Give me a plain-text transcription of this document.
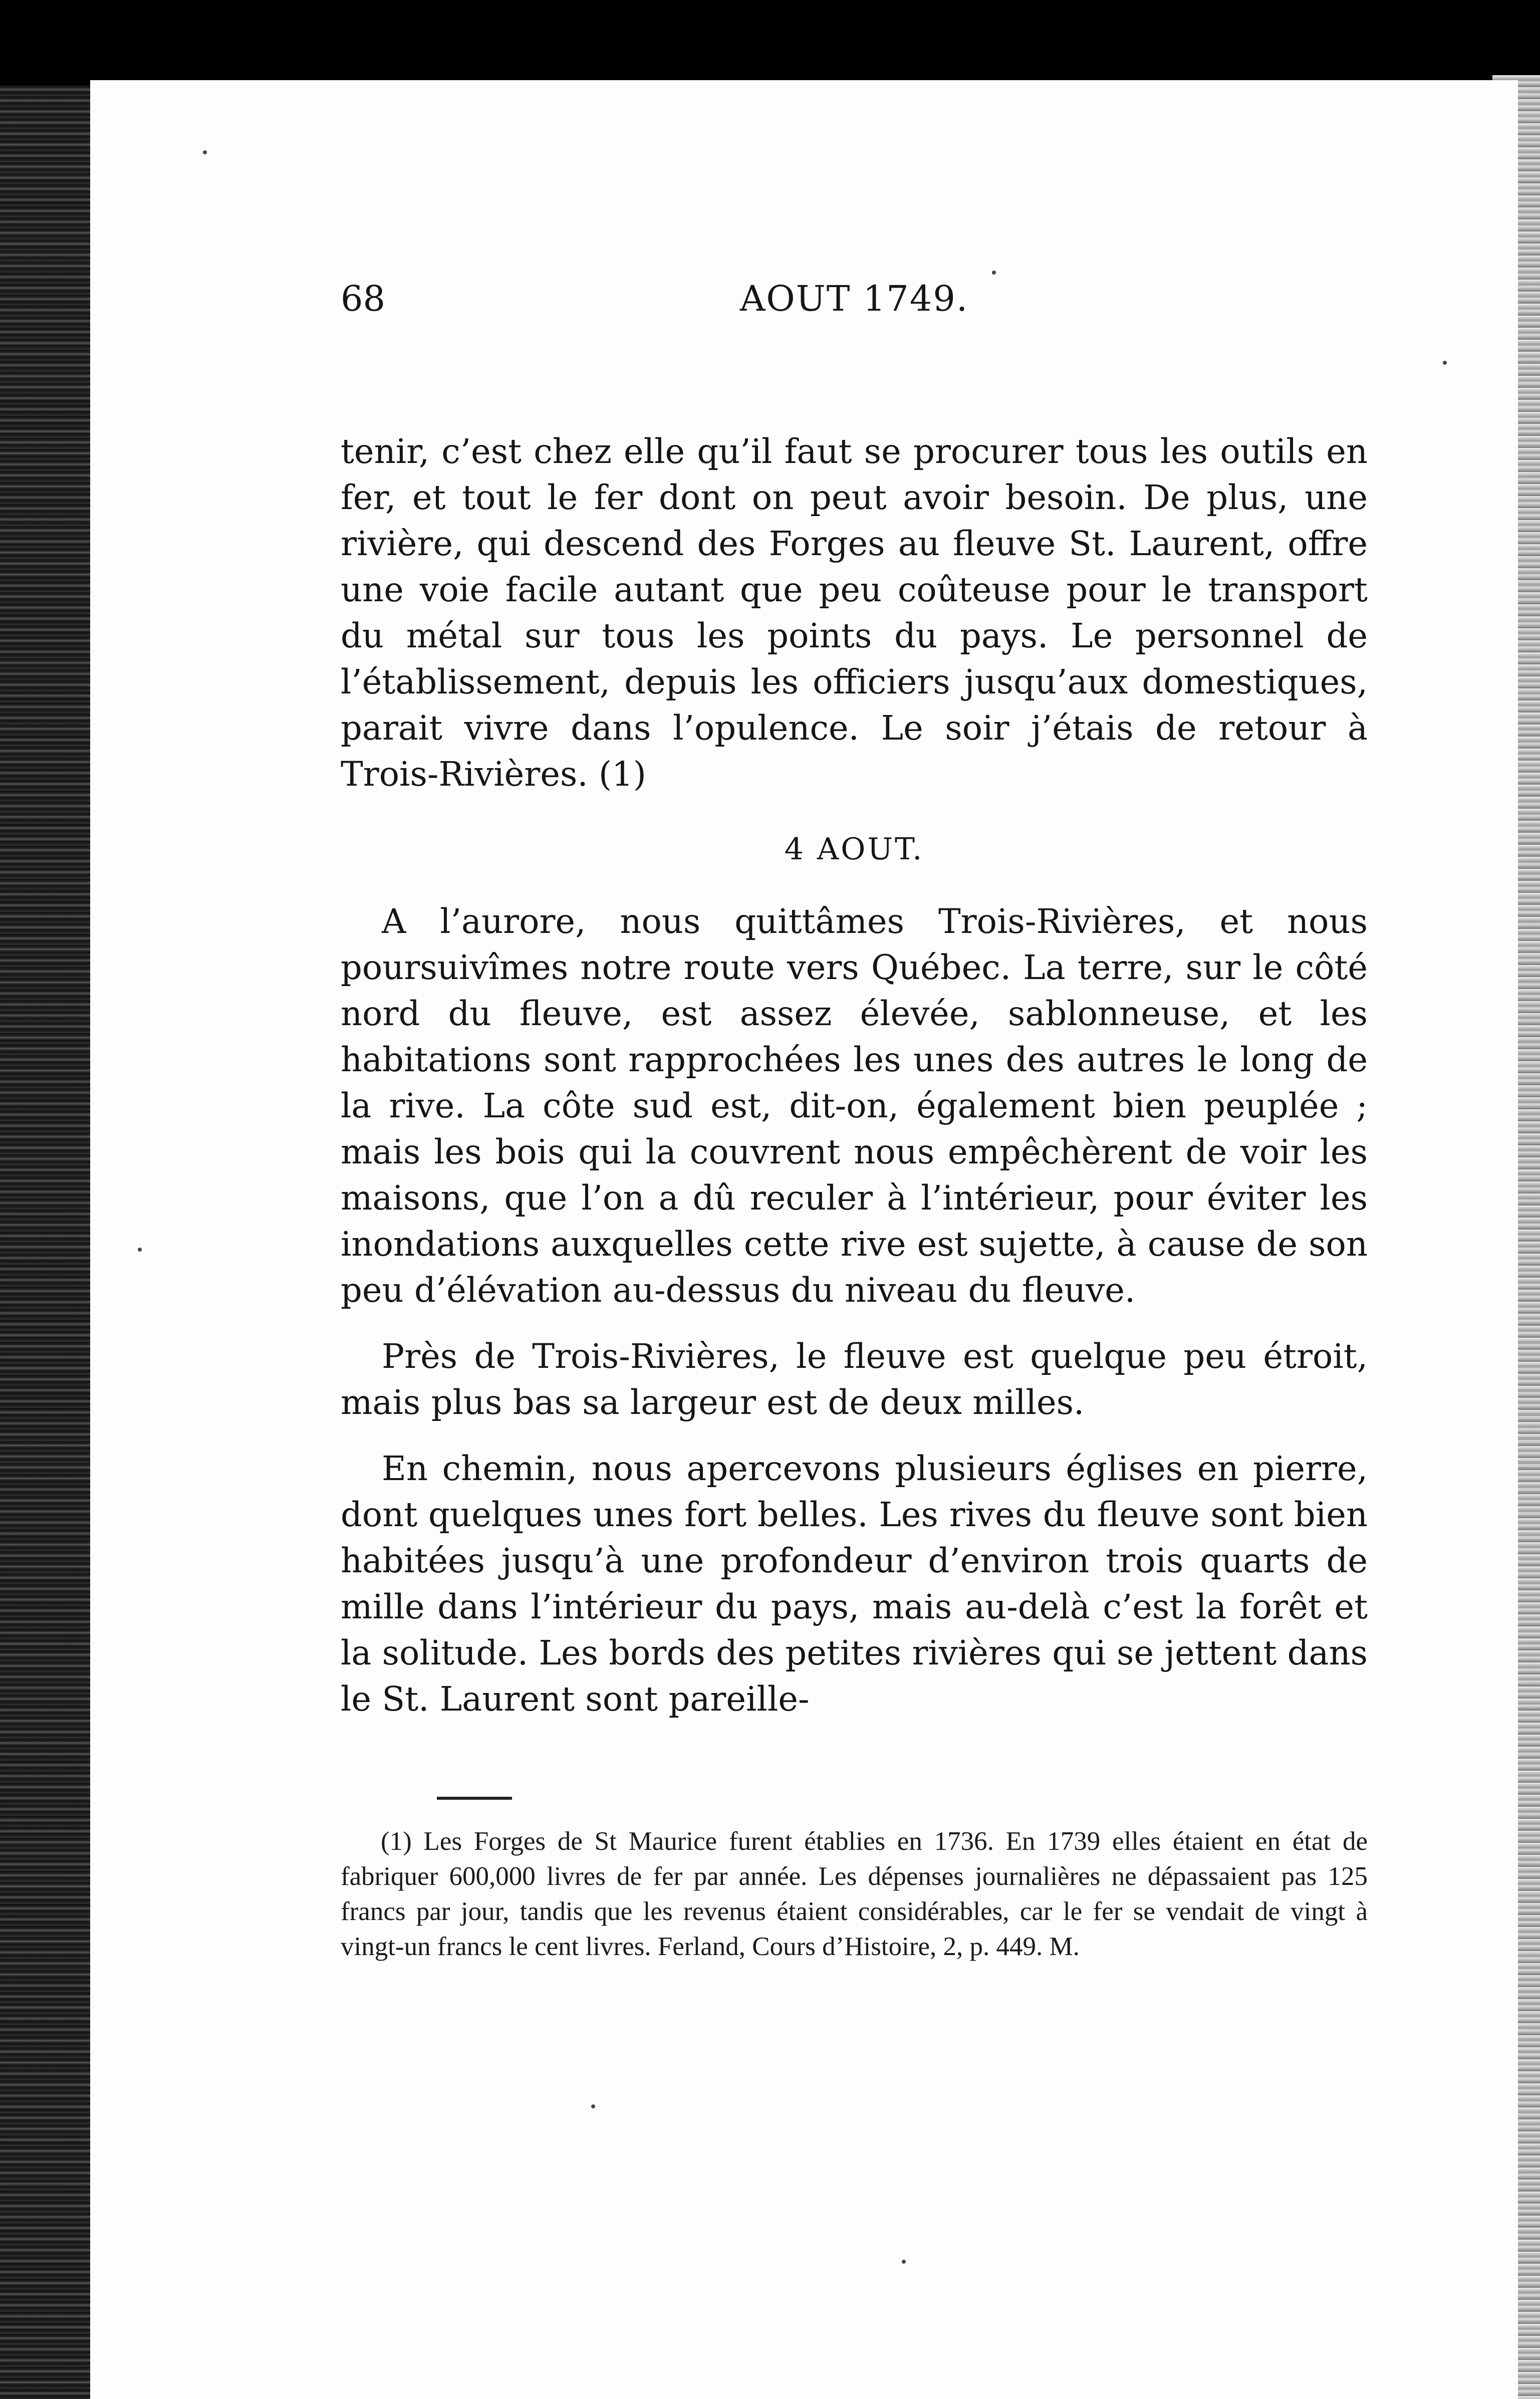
68	AOUT 1749.

tenir, c’est chez elle qu’il faut se procurer tous les outils en fer, et tout le fer dont on peut avoir besoin. De plus, une rivière, qui descend des Forges au fleuve St. Laurent, offre une voie facile autant que peu coûteuse pour le transport du métal sur tous les points du pays. Le personnel de l’établissement, depuis les officiers jusqu’aux domestiques, parait vivre dans l’opulence. Le soir j’étais de retour à Trois-Rivières. (1)

4 AOUT.

A l’aurore, nous quittâmes Trois-Rivières, et nous poursuivîmes notre route vers Québec. La terre, sur le côté nord du fleuve, est assez élevée, sablonneuse, et les habitations sont rapprochées les unes des autres le long de la rive. La côte sud est, dit-on, également bien peuplée ; mais les bois qui la couvrent nous empêchèrent de voir les maisons, que l’on a dû reculer à l’intérieur, pour éviter les inondations auxquelles cette rive est sujette, à cause de son peu d’élévation au-dessus du niveau du fleuve.

Près de Trois-Rivières, le fleuve est quelque peu étroit, mais plus bas sa largeur est de deux milles.

En chemin, nous apercevons plusieurs églises en pierre, dont quelques unes fort belles. Les rives du fleuve sont bien habitées jusqu’à une profondeur d’environ trois quarts de mille dans l’intérieur du pays, mais au-delà c’est la forêt et la solitude. Les bords des petites rivières qui se jettent dans le St. Laurent sont pareille-

(1) Les Forges de St Maurice furent établies en 1736. En 1739 elles étaient en état de fabriquer 600,000 livres de fer par année. Les dépenses journalières ne dépassaient pas 125 francs par jour, tandis que les revenus étaient considérables, car le fer se vendait de vingt à vingt-un francs le cent livres. Ferland, Cours d’Histoire, 2, p. 449. M.
